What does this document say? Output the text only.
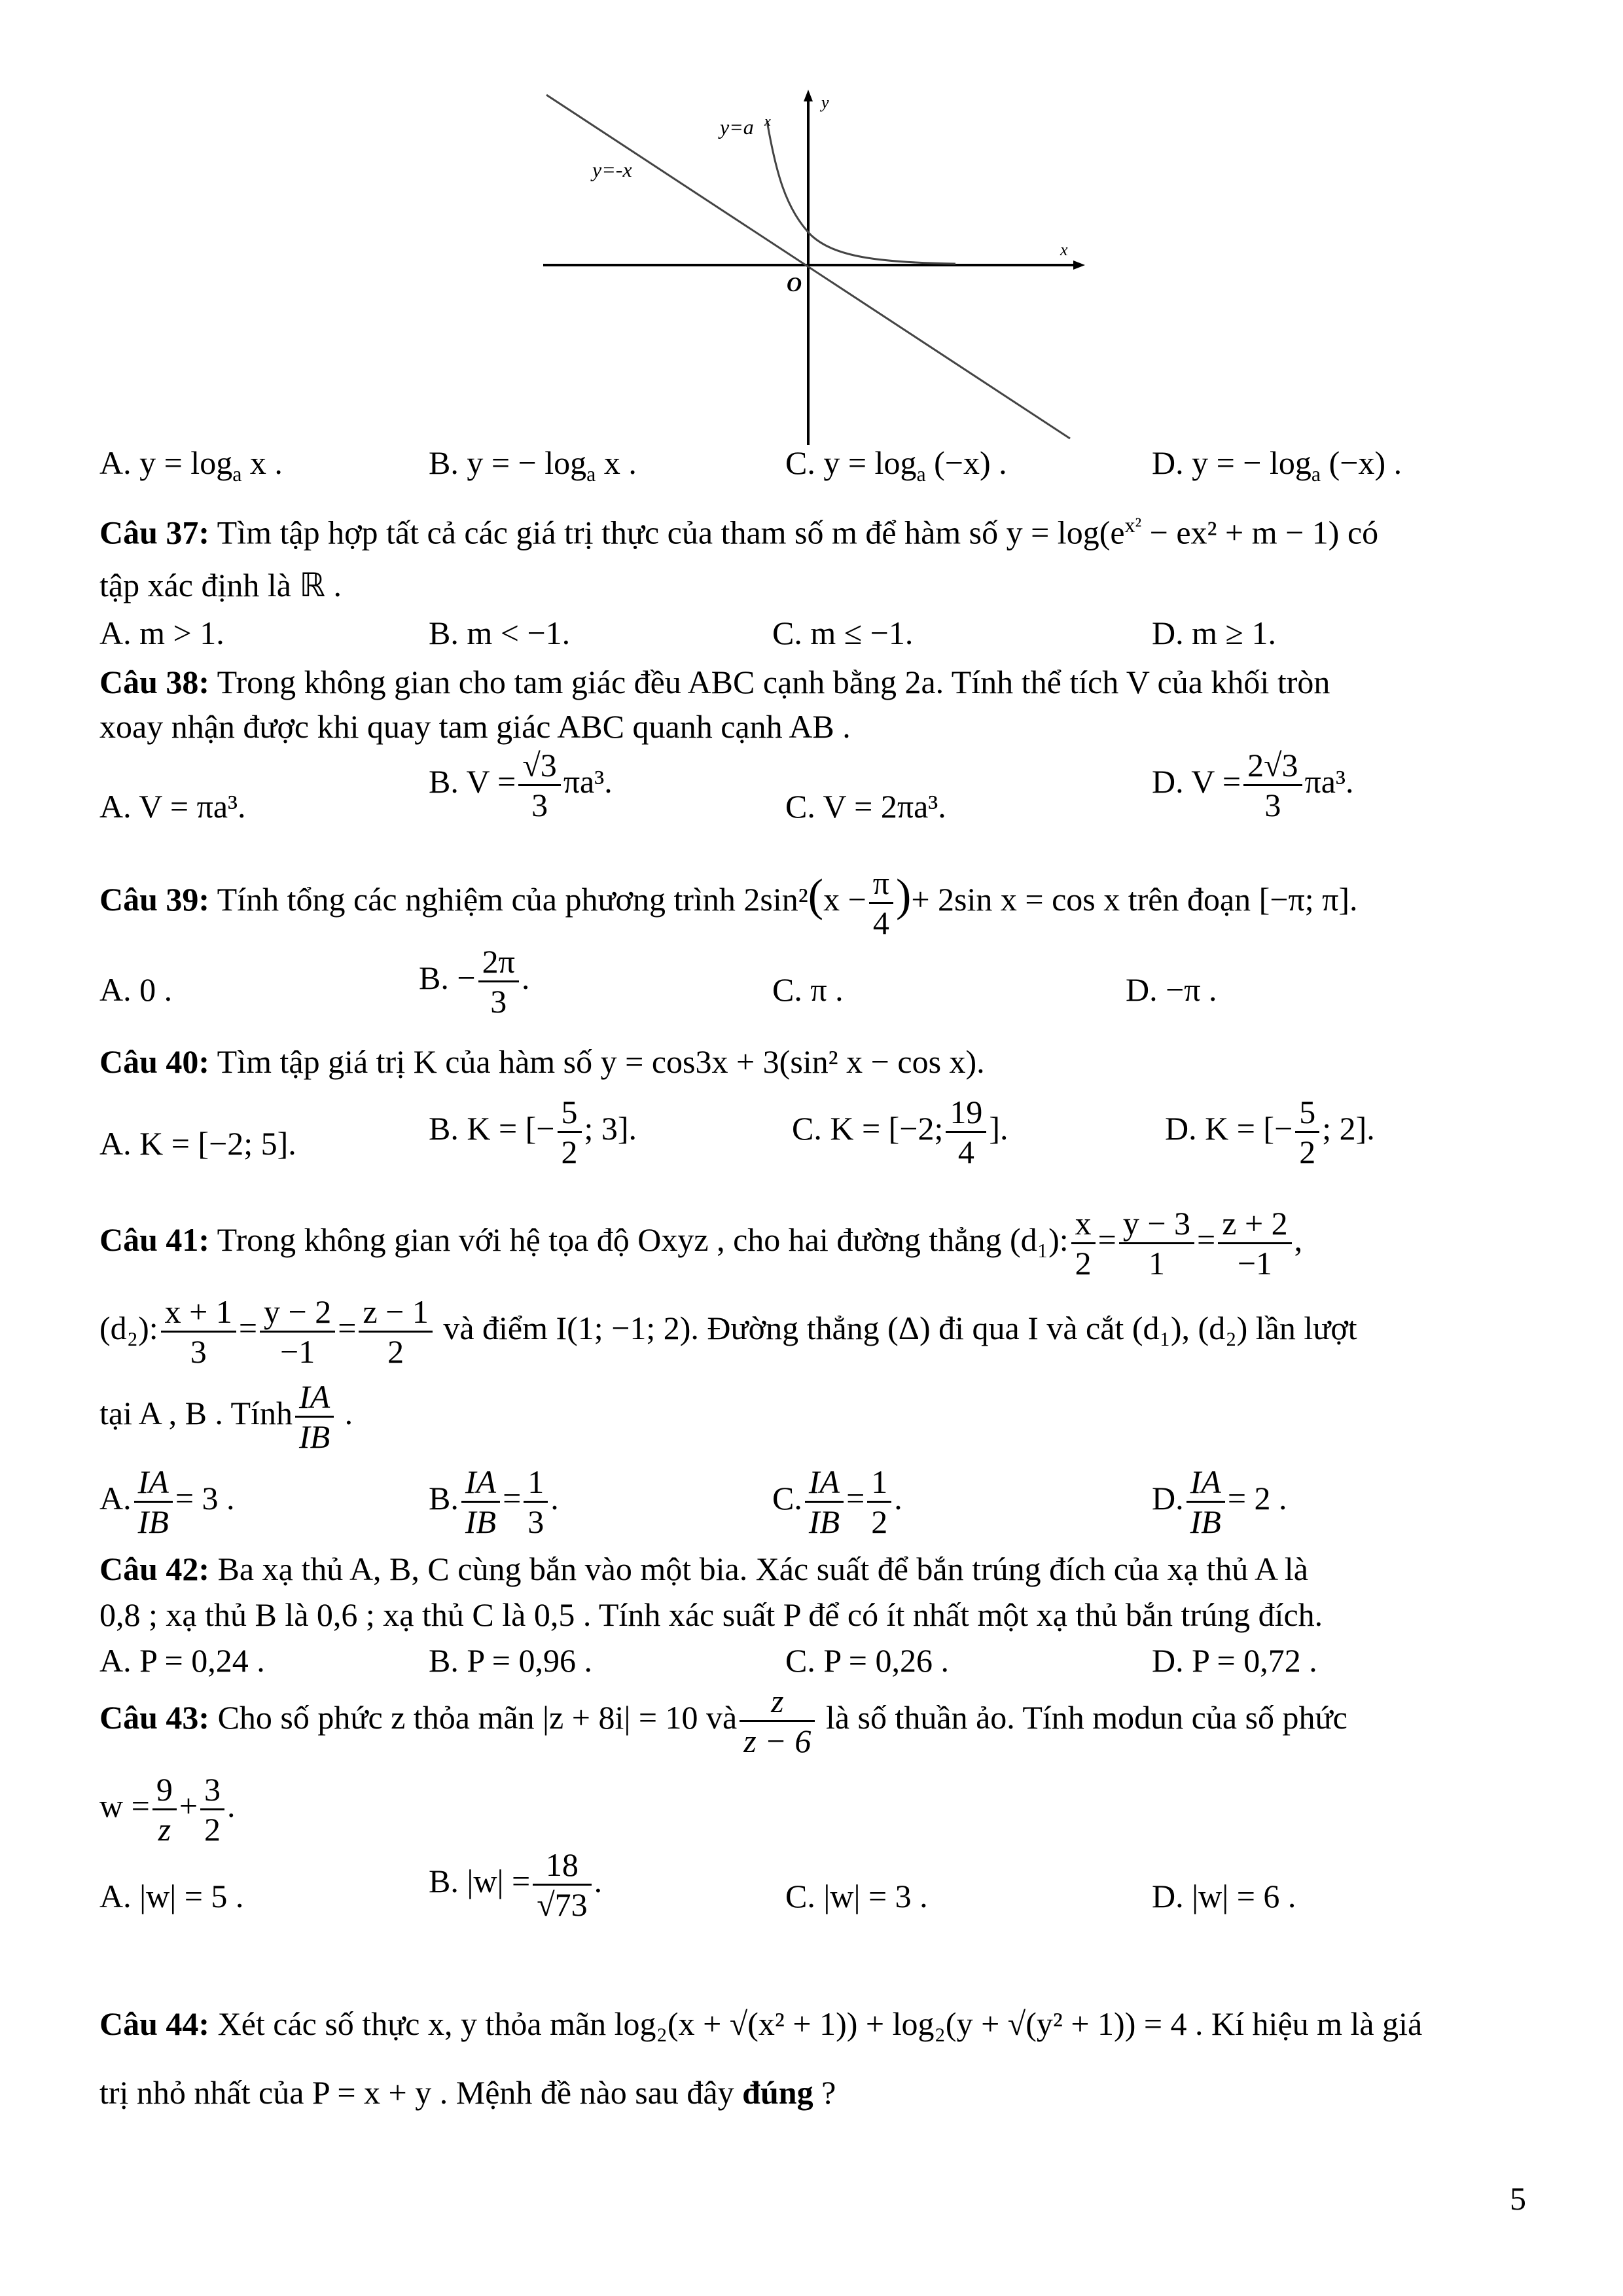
y=a x
y=-x
y
x
O
A. $y = \log_a x$ .	B. y = − $\log_a x$ .	C. $y = \log_a (-x)$ .	D. y = − $\log_a (-x)$ .
Câu 37: Tìm tập hợp tất cả các giá trị thực của tham số m để hàm số $y = \log(e^{x^2} - ex^2 + m - 1)$ có
tập xác định là ℝ .
A. m > 1.	B. m < −1.	C. m ≤ −1.	D. m ≥ 1.
Câu 38: Trong không gian cho tam giác đều ABC cạnh bằng 2a. Tính thể tích V của khối tròn
xoay nhận được khi quay tam giác ABC quanh cạnh AB .
A. V = πa³.
B. $V = \frac{√3}{3} \pi a^3$.
C. V = 2πa³.
D. $V = \frac{2√3}{3} \pi a^3$.
Câu 39: Tính tổng các nghiệm của phương trình $2\sin^2(x - \frac{\pi}{4}$ )+ 2sin x = cos x trên đoạn [−π; π].
A. 0 .	B. − $\frac{2\pi}{3}$ .	C. π .	D. −π .
Câu 40: Tìm tập giá trị K của hàm số y = cos3x + 3(sin² x − cos x).
A. K = [−2; 5].	B. K = [− $\frac{5}{2}$ ; 3].	C. K = [−2; $\frac{19}{4}$ ].	D. K = [− $\frac{5}{2}$ ; 2].
Câu 41: Trong không gian với hệ tọa độ Oxyz , cho hai đường thẳng (d₁): $\frac{x}{2} = \frac{y - 3}{1} = \frac{z + 2}{-1}$ ,
(d₂): $\frac{x + 1}{3} = \frac{y - 2}{-1} = \frac{z - 1}{2}$ và điểm I(1; −1; 2). Đường thẳng (Δ) đi qua I và cắt (d₁), (d₂) lần lượt
tại A , B . Tính $\frac{IA}{IB}$ .
A. $\frac{IA}{IB} = 3$ .	B. $\frac{IA}{IB} = \frac{1}{3}$ .	C. $\frac{IA}{IB} = \frac{1}{2}$ .	D. $\frac{IA}{IB} = 2$ .
Câu 42: Ba xạ thủ A, B, C cùng bắn vào một bia. Xác suất để bắn trúng đích của xạ thủ A là
0,8 ; xạ thủ B là 0,6 ; xạ thủ C là 0,5 . Tính xác suất P để có ít nhất một xạ thủ bắn trúng đích.
A. P = 0,24 .	B. P = 0,96 .	C. P = 0,26 .	D. P = 0,72 .
Câu 43: Cho số phức z thỏa mãn |z + 8i| = 10 và $\frac{z}{z - 6}$ là số thuần ảo. Tính modun của số phức
$w = \frac{9}{z} + \frac{3}{2}$ .
A. |w| = 5 .	B. $|w| = \frac{18}{√73}$ .	C. |w| = 3 .	D. |w| = 6 .
Câu 44: Xét các số thực x, y thỏa mãn log₂(x + √(x² + 1)) + log₂(y + √(y² + 1)) = 4 . Kí hiệu m là giá
trị nhỏ nhất của P = x + y . Mệnh đề nào sau đây đúng ?
5
